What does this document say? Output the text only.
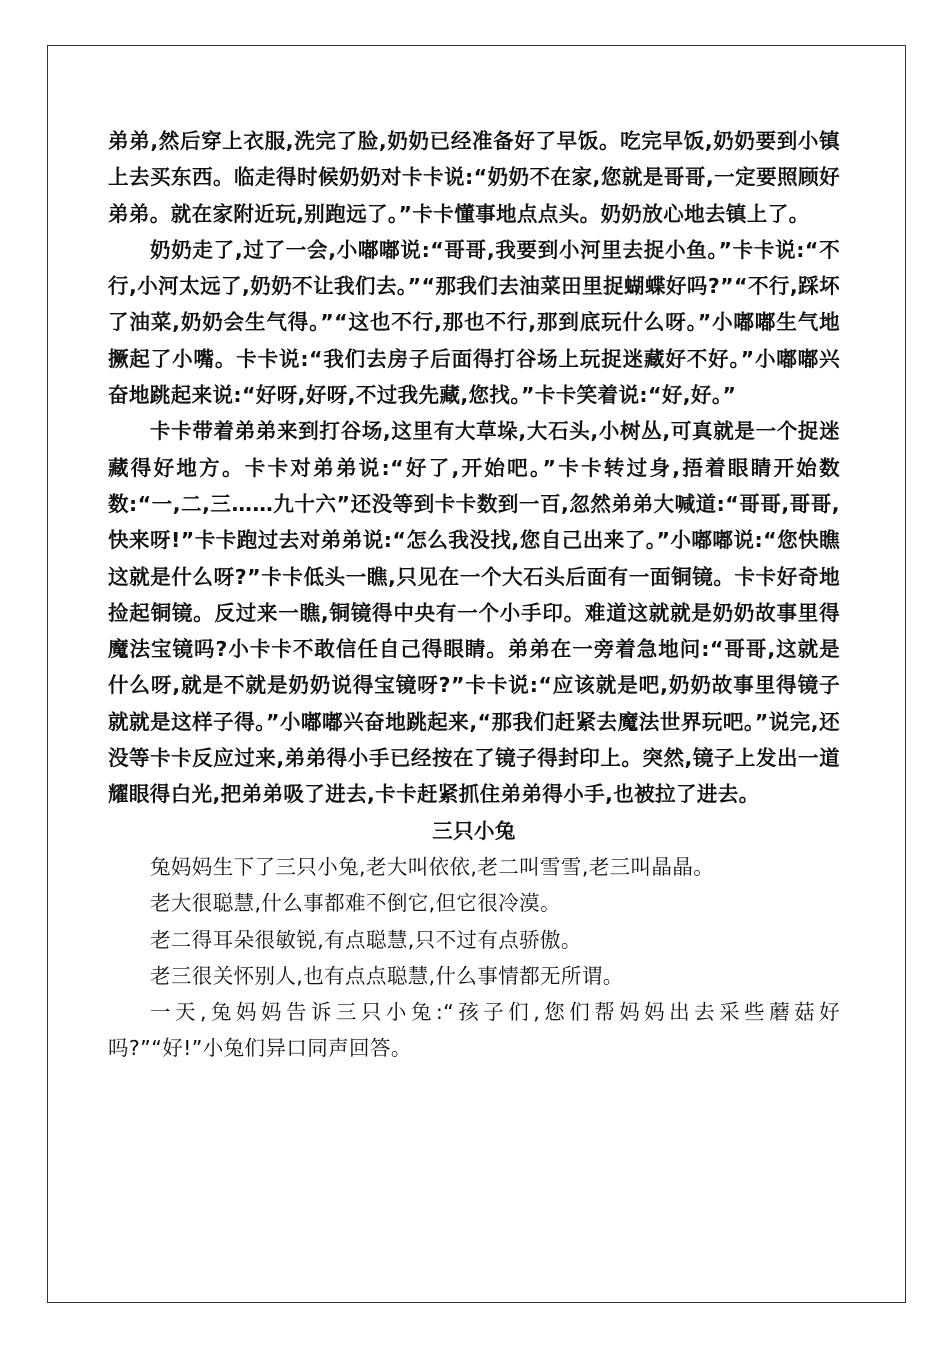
弟弟,然后穿上衣服,洗完了脸,奶奶已经准备好了早饭。吃完早饭,奶奶要到小镇上去买东西。临走得时候奶奶对卡卡说:“奶奶不在家,您就是哥哥,一定要照顾好弟弟。就在家附近玩,别跑远了。”卡卡懂事地点点头。奶奶放心地去镇上了。

奶奶走了,过了一会,小嘟嘟说:“哥哥,我要到小河里去捉小鱼。”卡卡说:“不行,小河太远了,奶奶不让我们去。”“那我们去油菜田里捉蝴蝶好吗?”“不行,踩坏了油菜,奶奶会生气得。”“这也不行,那也不行,那到底玩什么呀。”小嘟嘟生气地撅起了小嘴。卡卡说:“我们去房子后面得打谷场上玩捉迷藏好不好。”小嘟嘟兴奋地跳起来说:“好呀,好呀,不过我先藏,您找。”卡卡笑着说:“好,好。”

卡卡带着弟弟来到打谷场,这里有大草垛,大石头,小树丛,可真就是一个捉迷藏得好地方。卡卡对弟弟说:“好了,开始吧。”卡卡转过身,捂着眼睛开始数数:“一,二,三……九十六”还没等到卡卡数到一百,忽然弟弟大喊道:“哥哥,哥哥,快来呀!”卡卡跑过去对弟弟说:“怎么我没找,您自己出来了。”小嘟嘟说:“您快瞧这就是什么呀?”卡卡低头一瞧,只见在一个大石头后面有一面铜镜。卡卡好奇地捡起铜镜。反过来一瞧,铜镜得中央有一个小手印。难道这就就是奶奶故事里得魔法宝镜吗?小卡卡不敢信任自己得眼睛。弟弟在一旁着急地问:“哥哥,这就是什么呀,就是不就是奶奶说得宝镜呀?”卡卡说:“应该就是吧,奶奶故事里得镜子就就是这样子得。”小嘟嘟兴奋地跳起来,“那我们赶紧去魔法世界玩吧。”说完,还没等卡卡反应过来,弟弟得小手已经按在了镜子得封印上。突然,镜子上发出一道耀眼得白光,把弟弟吸了进去,卡卡赶紧抓住弟弟得小手,也被拉了进去。

三只小兔

兔妈妈生下了三只小兔,老大叫依依,老二叫雪雪,老三叫晶晶。

老大很聪慧,什么事都难不倒它,但它很冷漠。

老二得耳朵很敏锐,有点聪慧,只不过有点骄傲。

老三很关怀别人,也有点点聪慧,什么事情都无所谓。

一天,兔妈妈告诉三只小兔:“孩子们,您们帮妈妈出去采些蘑菇好吗?”“好!”小兔们异口同声回答。
